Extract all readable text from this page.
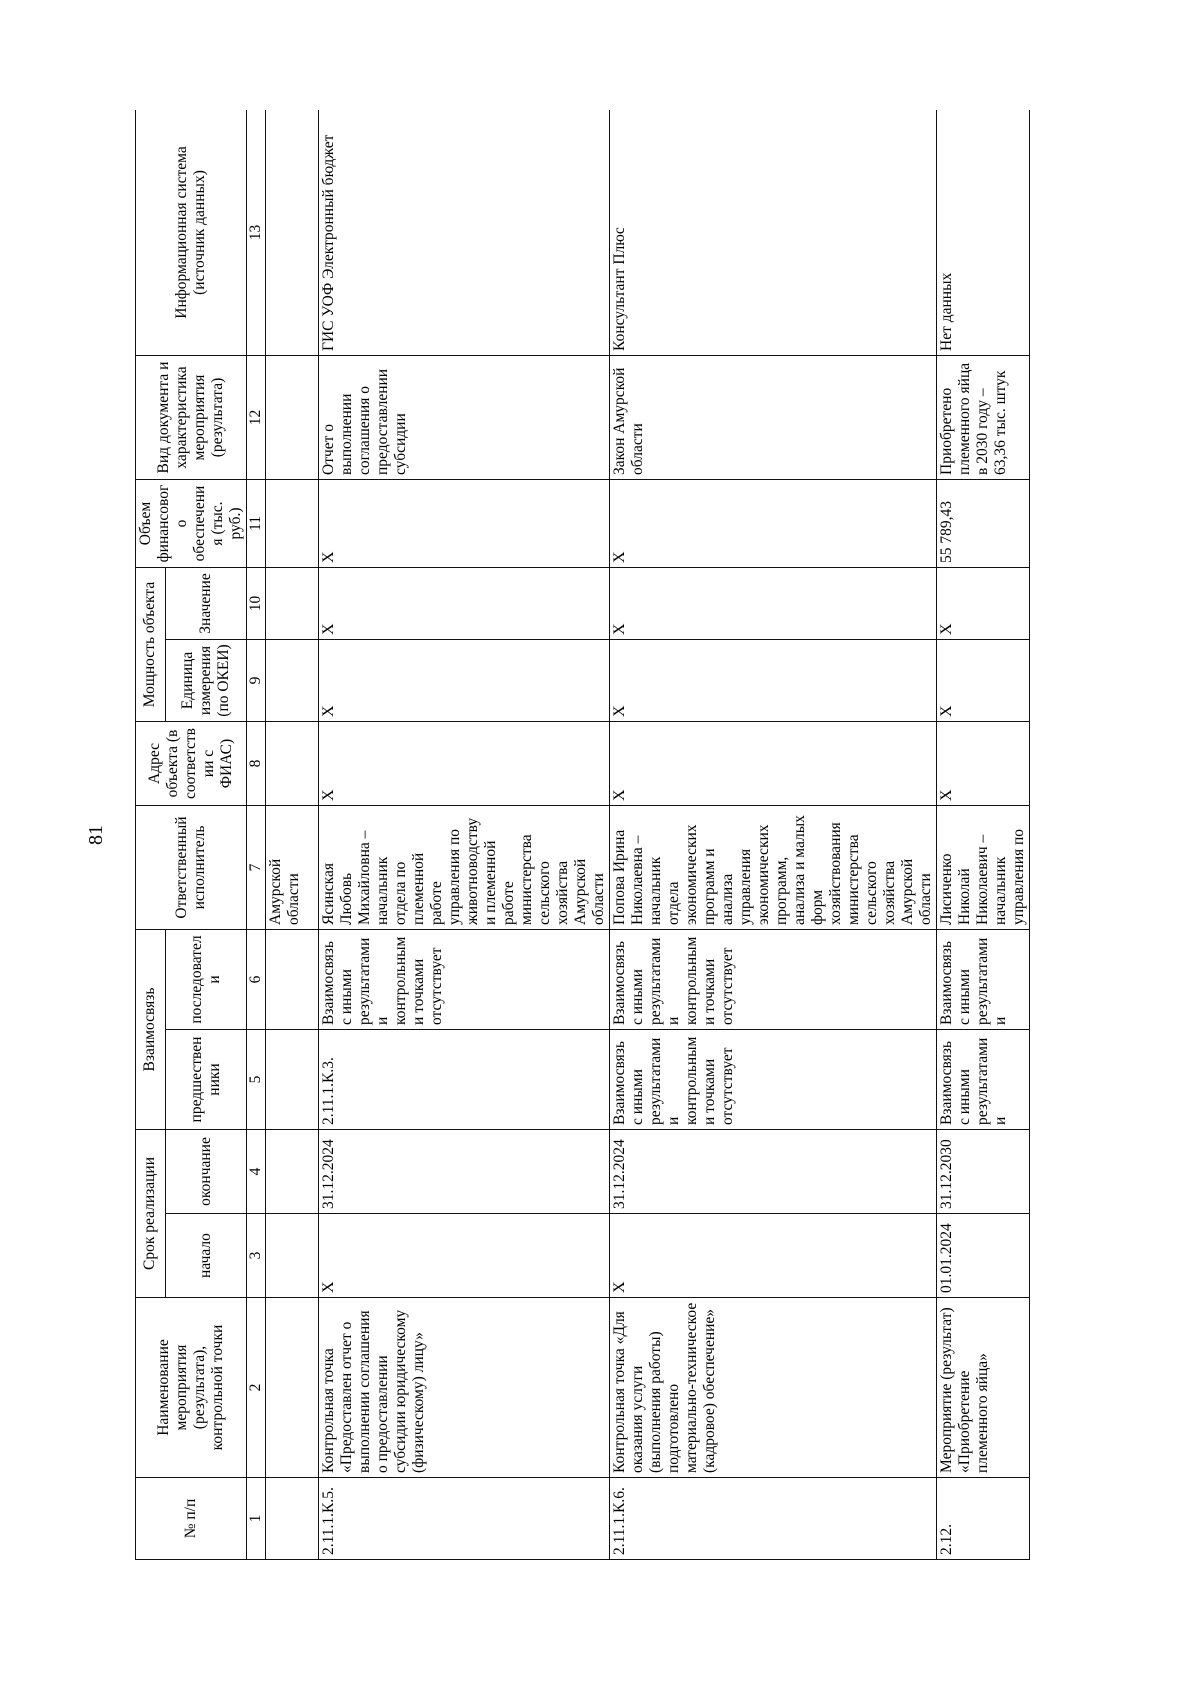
81
№ п/п	Наименование мероприятия (результата), контрольной точки	Срок реализации		Взаимосвязь		Ответственный исполнитель	Адрес объекта (в соответствии с ФИАС)	Мощность объекта		Объем финансового обеспечения (тыс. руб.)	Вид документа и характеристика мероприятия (результата)	Информационная система (источник данных)
		начало	окончание	предшественники	последователи			Единица измерения (по ОКЕИ)	Значение			
1	2	3	4	5	6	7	8	9	10	11	12	13
						Амурской области						
2.11.1.К.5.	Контрольная точка «Предоставлен отчет о выполнении соглашения о предоставлении субсидии юридическому (физическому) лицу»	X	31.12.2024	2.11.1.К.3.	Взаимосвязь с иными результатами и контрольными точками отсутствует	Ясинская Любовь Михайловна – начальник отдела по племенной работе управления по животноводству и племенной работе министерства сельского хозяйства Амурской области	X	X	X	X	Отчет о выполнении соглашения о предоставлении субсидии	ГИС УОФ Электронный бюджет
2.11.1.К.6.	Контрольная точка «Для оказания услуги (выполнения работы) подготовлено материально-техническое (кадровое) обеспечение»	X	31.12.2024	Взаимосвязь с иными результатами и контрольными точками отсутствует	Взаимосвязь с иными результатами и контрольными точками отсутствует	Попова Ирина Николаевна – начальник отдела экономических программ и анализа управления экономических программ, анализа и малых форм хозяйствования министерства сельского хозяйства Амурской области	X	X	X	X	Закон Амурской области	Консультант Плюс
2.12.	Мероприятие (результат) «Приобретение племенного яйца»	01.01.2024	31.12.2030	Взаимосвязь с иными результатами и	Взаимосвязь с иными результатами и	Лисиченко Николай Николаевич – начальник управления по	X	X	X	55 789,43	Приобретено племенного яйца в 2030 году – 63,36 тыс. штук	Нет данных
